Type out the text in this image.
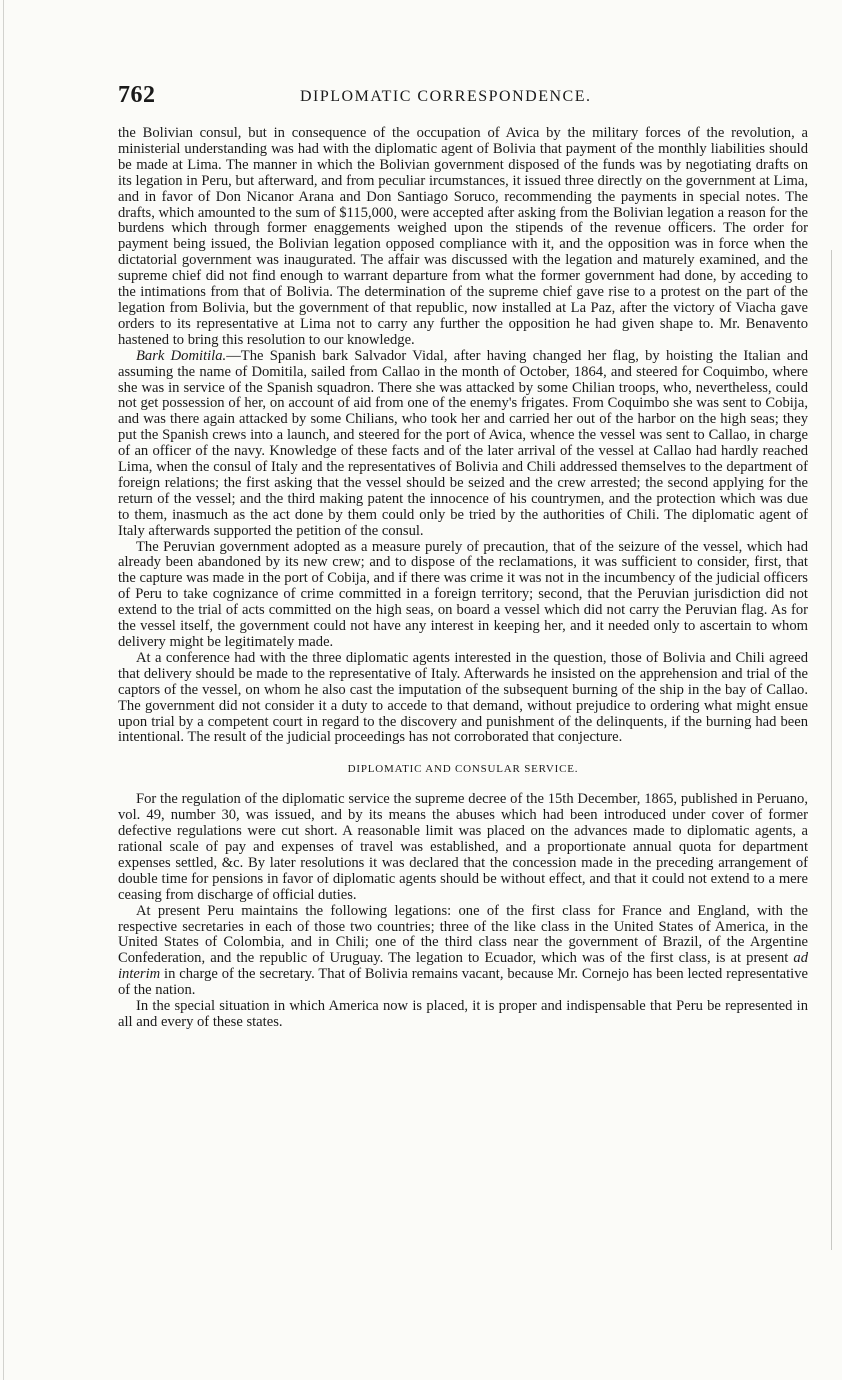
762	DIPLOMATIC CORRESPONDENCE.

the Bolivian consul, but in consequence of the occupation of Avica by the military forces of the revolution, a ministerial understanding was had with the diplomatic agent of Bolivia that payment of the monthly liabilities should be made at Lima. The manner in which the Bolivian government disposed of the funds was by negotiating drafts on its legation in Peru, but afterward, and from peculiar ircumstances, it issued three directly on the government at Lima, and in favor of Don Nicanor Arana and Don Santiago Soruco, recommending the payments in special notes. The drafts, which amounted to the sum of $115,000, were accepted after asking from the Bolivian legation a reason for the burdens which through former enaggements weighed upon the stipends of the revenue officers. The order for payment being issued, the Bolivian legation opposed compliance with it, and the opposition was in force when the dictatorial government was inaugurated. The affair was discussed with the legation and maturely examined, and the supreme chief did not find enough to warrant departure from what the former government had done, by acceding to the intimations from that of Bolivia. The determination of the supreme chief gave rise to a protest on the part of the legation from Bolivia, but the government of that republic, now installed at La Paz, after the victory of Viacha gave orders to its representative at Lima not to carry any further the opposition he had given shape to. Mr. Benavento hastened to bring this resolution to our knowledge.

Bark Domitila.—The Spanish bark Salvador Vidal, after having changed her flag, by hoisting the Italian and assuming the name of Domitila, sailed from Callao in the month of October, 1864, and steered for Coquimbo, where she was in service of the Spanish squadron. There she was attacked by some Chilian troops, who, nevertheless, could not get possession of her, on account of aid from one of the enemy's frigates. From Coquimbo she was sent to Cobija, and was there again attacked by some Chilians, who took her and carried her out of the harbor on the high seas; they put the Spanish crews into a launch, and steered for the port of Avica, whence the vessel was sent to Callao, in charge of an officer of the navy. Knowledge of these facts and of the later arrival of the vessel at Callao had hardly reached Lima, when the consul of Italy and the representatives of Bolivia and Chili addressed themselves to the department of foreign relations; the first asking that the vessel should be seized and the crew arrested; the second applying for the return of the vessel; and the third making patent the innocence of his countrymen, and the protection which was due to them, inasmuch as the act done by them could only be tried by the authorities of Chili. The diplomatic agent of Italy afterwards supported the petition of the consul.

The Peruvian government adopted as a measure purely of precaution, that of the seizure of the vessel, which had already been abandoned by its new crew; and to dispose of the reclamations, it was sufficient to consider, first, that the capture was made in the port of Cobija, and if there was crime it was not in the incumbency of the judicial officers of Peru to take cognizance of crime committed in a foreign territory; second, that the Peruvian jurisdiction did not extend to the trial of acts committed on the high seas, on board a vessel which did not carry the Peruvian flag. As for the vessel itself, the government could not have any interest in keeping her, and it needed only to ascertain to whom delivery might be legitimately made.

At a conference had with the three diplomatic agents interested in the question, those of Bolivia and Chili agreed that delivery should be made to the representative of Italy. Afterwards he insisted on the apprehension and trial of the captors of the vessel, on whom he also cast the imputation of the subsequent burning of the ship in the bay of Callao. The government did not consider it a duty to accede to that demand, without prejudice to ordering what might ensue upon trial by a competent court in regard to the discovery and punishment of the delinquents, if the burning had been intentional. The result of the judicial proceedings has not corroborated that conjecture.

DIPLOMATIC AND CONSULAR SERVICE.

For the regulation of the diplomatic service the supreme decree of the 15th December, 1865, published in Peruano, vol. 49, number 30, was issued, and by its means the abuses which had been introduced under cover of former defective regulations were cut short. A reasonable limit was placed on the advances made to diplomatic agents, a rational scale of pay and expenses of travel was established, and a proportionate annual quota for department expenses settled, &c. By later resolutions it was declared that the concession made in the preceding arrangement of double time for pensions in favor of diplomatic agents should be without effect, and that it could not extend to a mere ceasing from discharge of official duties.

At present Peru maintains the following legations: one of the first class for France and England, with the respective secretaries in each of those two countries; three of the like class in the United States of America, in the United States of Colombia, and in Chili; one of the third class near the government of Brazil, of the Argentine Confederation, and the republic of Uruguay. The legation to Ecuador, which was of the first class, is at present ad interim in charge of the secretary. That of Bolivia remains vacant, because Mr. Cornejo has been lected representative of the nation.

In the special situation in which America now is placed, it is proper and indispensable that Peru be represented in all and every of these states.
